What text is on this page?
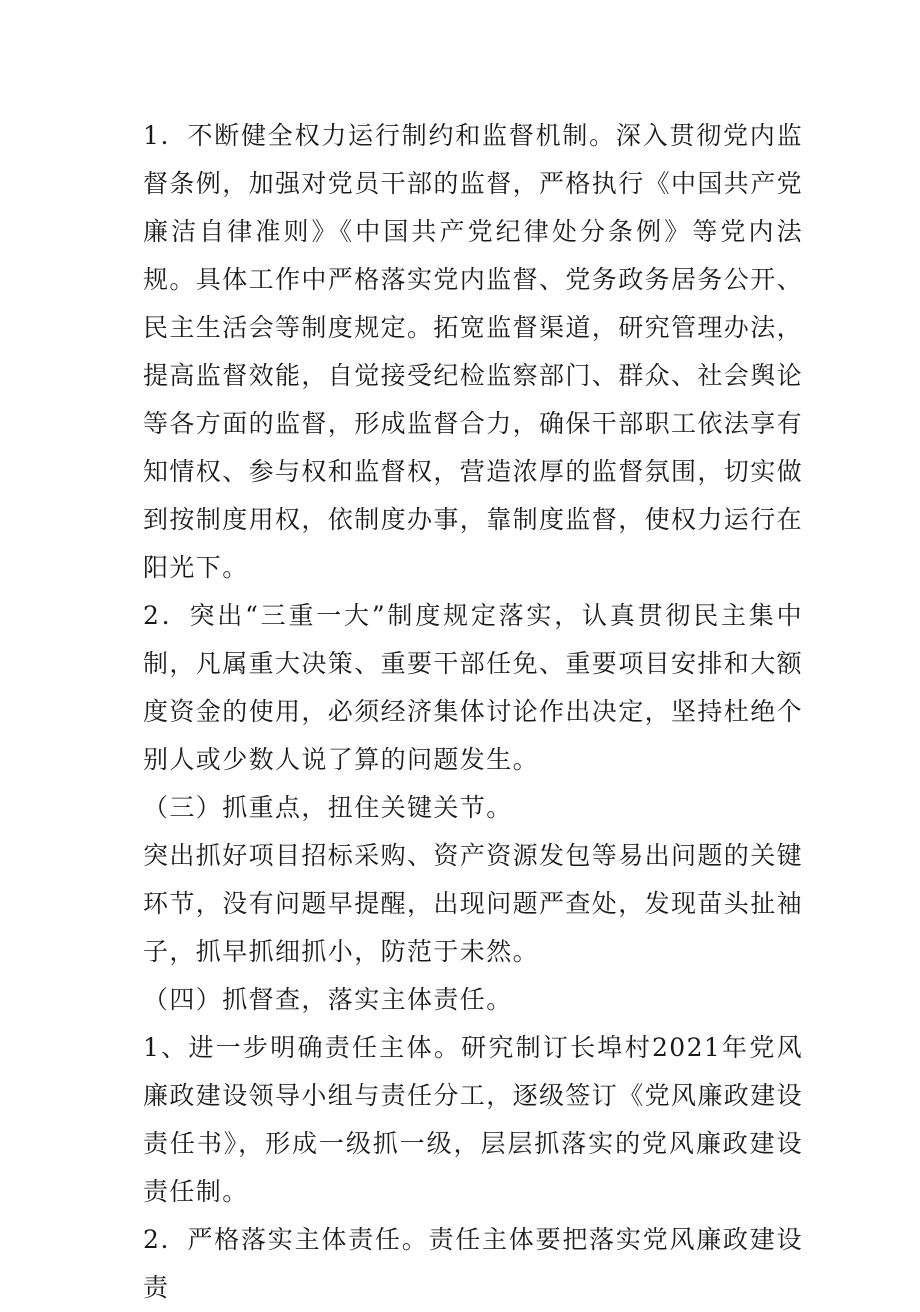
1．不断健全权力运行制约和监督机制。深入贯彻党内监督条例，加强对党员干部的监督，严格执行《中国共产党廉洁自律准则》《中国共产党纪律处分条例》等党内法规。具体工作中严格落实党内监督、党务政务居务公开、民主生活会等制度规定。拓宽监督渠道，研究管理办法，提高监督效能，自觉接受纪检监察部门、群众、社会舆论等各方面的监督，形成监督合力，确保干部职工依法享有知情权、参与权和监督权，营造浓厚的监督氛围，切实做到按制度用权，依制度办事，靠制度监督，使权力运行在阳光下。

2．突出“三重一大”制度规定落实，认真贯彻民主集中制，凡属重大决策、重要干部任免、重要项目安排和大额度资金的使用，必须经济集体讨论作出决定，坚持杜绝个别人或少数人说了算的问题发生。

（三）抓重点，扭住关键关节。

突出抓好项目招标采购、资产资源发包等易出问题的关键环节，没有问题早提醒，出现问题严查处，发现苗头扯袖子，抓早抓细抓小，防范于未然。

（四）抓督查，落实主体责任。

1、进一步明确责任主体。研究制订长埠村2021年党风廉政建设领导小组与责任分工，逐级签订《党风廉政建设责任书》，形成一级抓一级，层层抓落实的党风廉政建设责任制。

2．严格落实主体责任。责任主体要把落实党风廉政建设责
